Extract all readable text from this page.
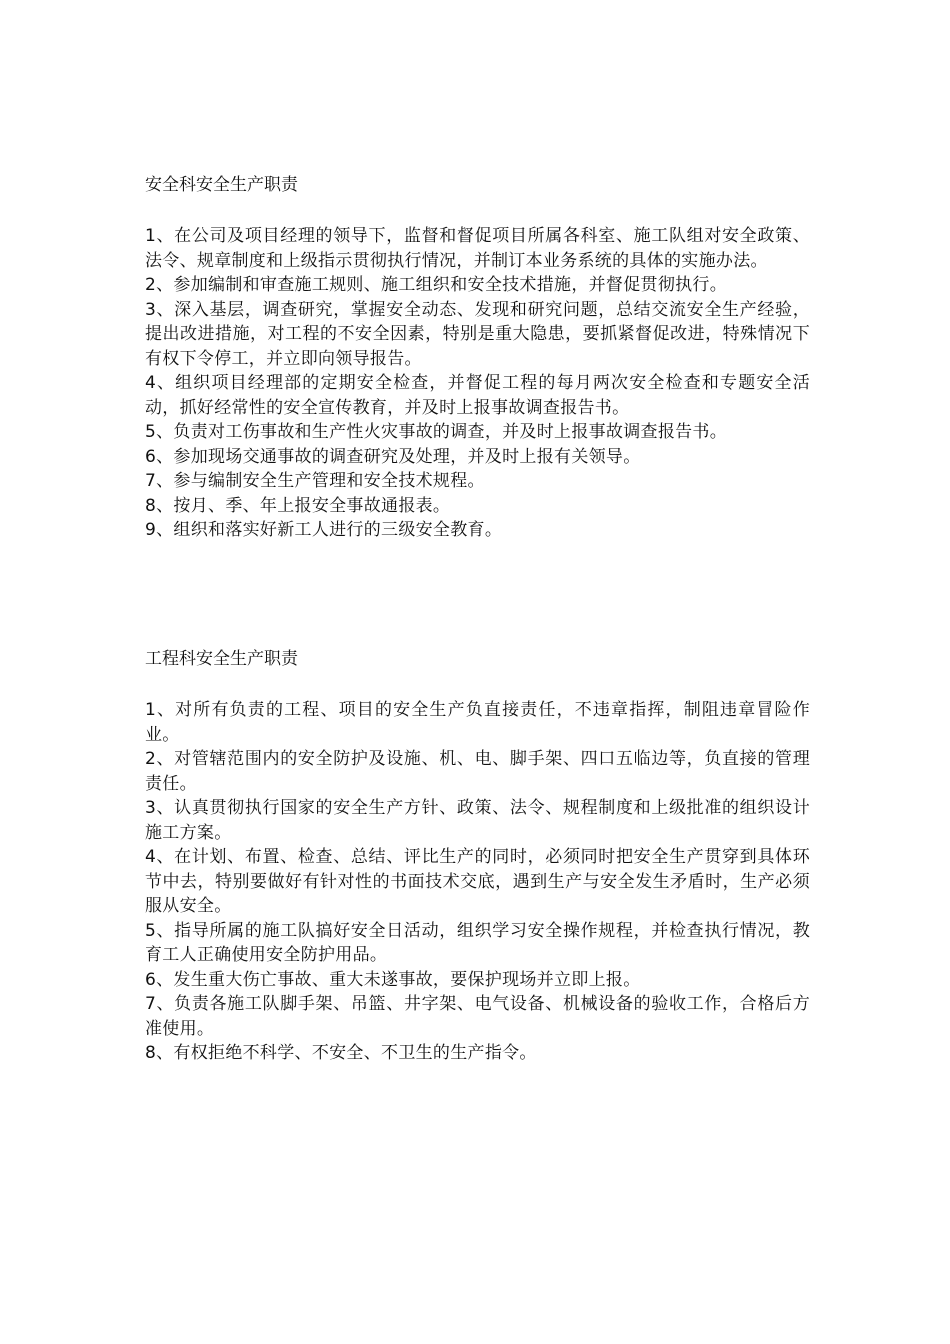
安全科安全生产职责

1、在公司及项目经理的领导下，监督和督促项目所属各科室、施工队组对安全政策、法令、规章制度和上级指示贯彻执行情况，并制订本业务系统的具体的实施办法。

2、参加编制和审查施工规则、施工组织和安全技术措施，并督促贯彻执行。

3、深入基层，调查研究，掌握安全动态、发现和研究问题，总结交流安全生产经验，提出改进措施，对工程的不安全因素，特别是重大隐患，要抓紧督促改进，特殊情况下有权下令停工，并立即向领导报告。

4、组织项目经理部的定期安全检查，并督促工程的每月两次安全检查和专题安全活动，抓好经常性的安全宣传教育，并及时上报事故调查报告书。

5、负责对工伤事故和生产性火灾事故的调查，并及时上报事故调查报告书。

6、参加现场交通事故的调查研究及处理，并及时上报有关领导。

7、参与编制安全生产管理和安全技术规程。

8、按月、季、年上报安全事故通报表。

9、组织和落实好新工人进行的三级安全教育。

工程科安全生产职责

1、对所有负责的工程、项目的安全生产负直接责任，不违章指挥，制阻违章冒险作业。

2、对管辖范围内的安全防护及设施、机、电、脚手架、四口五临边等，负直接的管理责任。

3、认真贯彻执行国家的安全生产方针、政策、法令、规程制度和上级批准的组织设计施工方案。

4、在计划、布置、检查、总结、评比生产的同时，必须同时把安全生产贯穿到具体环节中去，特别要做好有针对性的书面技术交底，遇到生产与安全发生矛盾时，生产必须服从安全。

5、指导所属的施工队搞好安全日活动，组织学习安全操作规程，并检查执行情况，教育工人正确使用安全防护用品。

6、发生重大伤亡事故、重大未遂事故，要保护现场并立即上报。

7、负责各施工队脚手架、吊篮、井字架、电气设备、机械设备的验收工作，合格后方准使用。

8、有权拒绝不科学、不安全、不卫生的生产指令。
